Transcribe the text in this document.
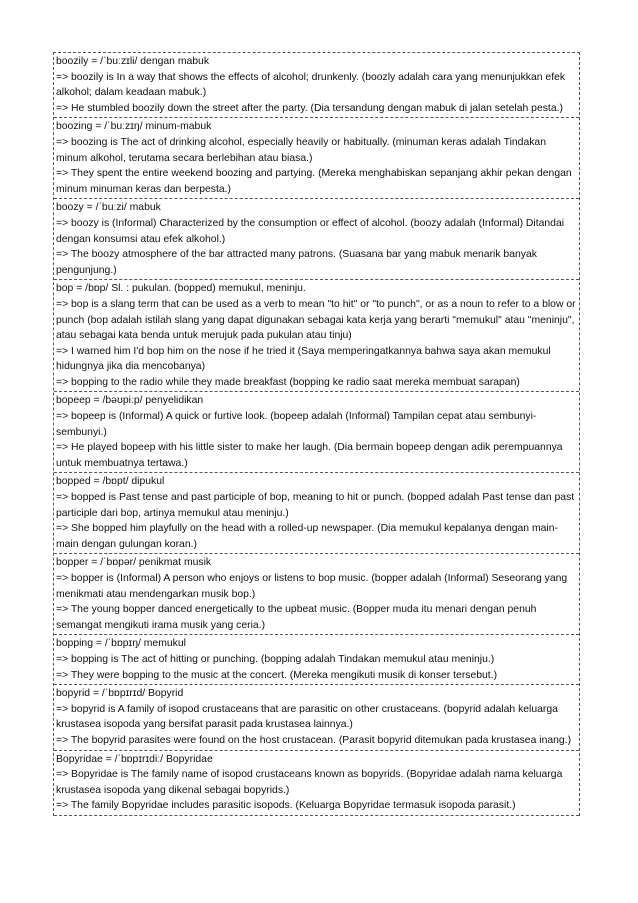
boozily = /ˈbuːzɪli/ dengan mabuk
=> boozily is In a way that shows the effects of alcohol; drunkenly. (boozly adalah cara yang menunjukkan efek alkohol; dalam keadaan mabuk.)
=> He stumbled boozily down the street after the party. (Dia tersandung dengan mabuk di jalan setelah pesta.)
boozing = /ˈbuːzɪŋ/ minum-mabuk
=> boozing is The act of drinking alcohol, especially heavily or habitually. (minuman keras adalah Tindakan minum alkohol, terutama secara berlebihan atau biasa.)
=> They spent the entire weekend boozing and partying. (Mereka menghabiskan sepanjang akhir pekan dengan minum minuman keras dan berpesta.)
boozy = /ˈbuːzi/ mabuk
=> boozy is (Informal) Characterized by the consumption or effect of alcohol. (boozy adalah (Informal) Ditandai dengan konsumsi atau efek alkohol.)
=> The boozy atmosphere of the bar attracted many patrons. (Suasana bar yang mabuk menarik banyak pengunjung.)
bop = /bɒp/ Sl. : pukulan. (bopped) memukul, meninju.
=> bop is a slang term that can be used as a verb to mean "to hit" or "to punch", or as a noun to refer to a blow or punch (bop adalah istilah slang yang dapat digunakan sebagai kata kerja yang berarti "memukul" atau "meninju", atau sebagai kata benda untuk merujuk pada pukulan atau tinju)
=> I warned him I'd bop him on the nose if he tried it (Saya memperingatkannya bahwa saya akan memukul hidungnya jika dia mencobanya)
=> bopping to the radio while they made breakfast (bopping ke radio saat mereka membuat sarapan)
bopeep = /bəʊpiːp/ penyelidikan
=> bopeep is (Informal) A quick or furtive look. (bopeep adalah (Informal) Tampilan cepat atau sembunyi-sembunyi.)
=> He played bopeep with his little sister to make her laugh. (Dia bermain bopeep dengan adik perempuannya untuk membuatnya tertawa.)
bopped = /bɒpt/ dipukul
=> bopped is Past tense and past participle of bop, meaning to hit or punch. (bopped adalah Past tense dan past participle dari bop, artinya memukul atau meninju.)
=> She bopped him playfully on the head with a rolled-up newspaper. (Dia memukul kepalanya dengan main-main dengan gulungan koran.)
bopper = /ˈbɒpər/ penikmat musik
=> bopper is (Informal) A person who enjoys or listens to bop music. (bopper adalah (Informal) Seseorang yang menikmati atau mendengarkan musik bop.)
=> The young bopper danced energetically to the upbeat music. (Bopper muda itu menari dengan penuh semangat mengikuti irama musik yang ceria.)
bopping = /ˈbɒpɪŋ/ memukul
=> bopping is The act of hitting or punching. (bopping adalah Tindakan memukul atau meninju.)
=> They were bopping to the music at the concert. (Mereka mengikuti musik di konser tersebut.)
bopyrid = /ˈbɒpɪrɪd/ Bopyrid
=> bopyrid is A family of isopod crustaceans that are parasitic on other crustaceans. (bopyrid adalah keluarga krustasea isopoda yang bersifat parasit pada krustasea lainnya.)
=> The bopyrid parasites were found on the host crustacean. (Parasit bopyrid ditemukan pada krustasea inang.)
Bopyridae = /ˈbɒpɪrɪdiː/ Bopyridae
=> Bopyridae is The family name of isopod crustaceans known as bopyrids. (Bopyridae adalah nama keluarga krustasea isopoda yang dikenal sebagai bopyrids.)
=> The family Bopyridae includes parasitic isopods. (Keluarga Bopyridae termasuk isopoda parasit.)
